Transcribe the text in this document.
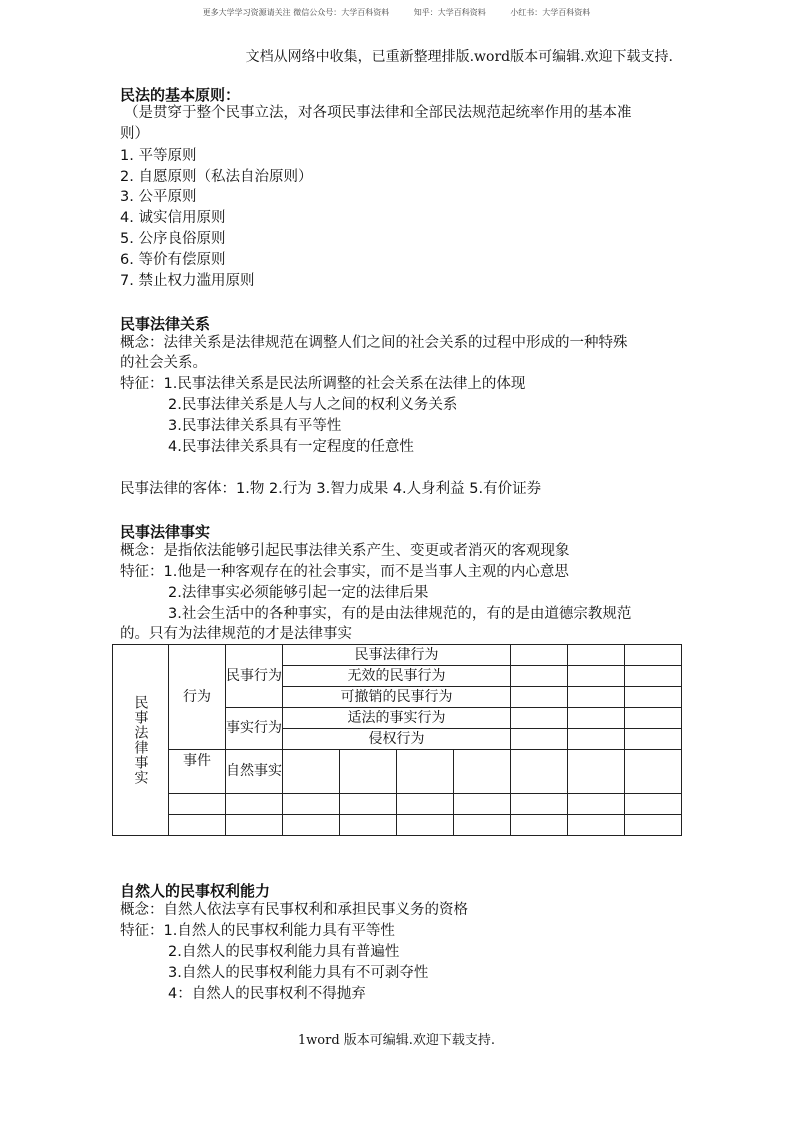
更多大学学习资源请关注 微信公众号：大学百科资料	知乎：大学百科资料	小红书：大学百科资料
文档从网络中收集，已重新整理排版.word版本可编辑.欢迎下载支持.
民法的基本原则：
（是贯穿于整个民事立法，对各项民事法律和全部民法规范起统率作用的基本准
则）
1. 平等原则
2. 自愿原则（私法自治原则）
3. 公平原则
4. 诚实信用原则
5. 公序良俗原则
6. 等价有偿原则
7. 禁止权力滥用原则
民事法律关系
概念：法律关系是法律规范在调整人们之间的社会关系的过程中形成的一种特殊
的社会关系。
特征：1.民事法律关系是民法所调整的社会关系在法律上的体现
2.民事法律关系是人与人之间的权利义务关系
3.民事法律关系具有平等性
4.民事法律关系具有一定程度的任意性
民事法律的客体：1.物 2.行为 3.智力成果 4.人身利益 5.有价证券
民事法律事实
概念：是指依法能够引起民事法律关系产生、变更或者消灭的客观现象
特征：1.他是一种客观存在的社会事实，而不是当事人主观的内心意思
2.法律事实必须能够引起一定的法律后果
3.社会生活中的各种事实，有的是由法律规范的，有的是由道德宗教规范
的。只有为法律规范的才是法律事实
民事法律事实	行为	民事行为	民事法律行为						
			无效的民事行为						
			可撤销的民事行为						
		事实行为	适法的事实行为						
			侵权行为						
	事件	自然事实							

自然人的民事权利能力
概念：自然人依法享有民事权利和承担民事义务的资格
特征：1.自然人的民事权利能力具有平等性
2.自然人的民事权利能力具有普遍性
3.自然人的民事权利能力具有不可剥夺性
4：自然人的民事权利不得抛弃
1word 版本可编辑.欢迎下载支持.
